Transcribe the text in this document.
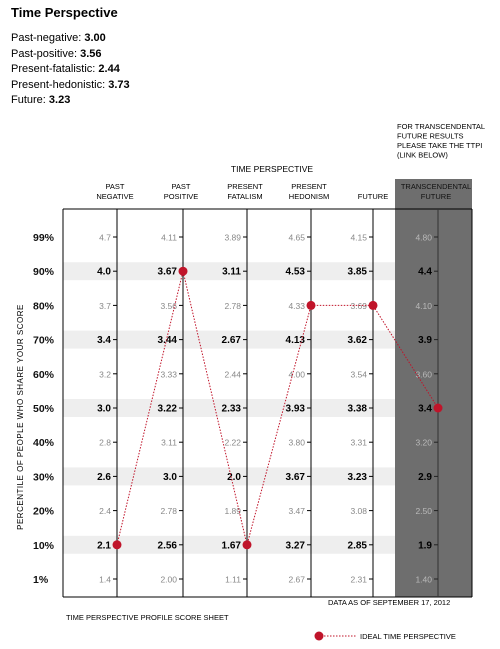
Time Perspective
Past-negative: 3.00
Past-positive: 3.56
Present-fatalistic: 2.44
Present-hedonistic: 3.73
Future: 3.23
TIME PERSPECTIVE
PAST
NEGATIVE
PAST
POSITIVE
PRESENT
FATALISM
PRESENT
HEDONISM	FUTURE
TRANSCENDENTAL
FUTURE
FOR TRANSCENDENTAL
FUTURE RESULTS
PLEASE TAKE THE TTPI
(LINK BELOW)
99%
90%
80%
70%
60%
50%
40%
30%
20%
10%
1%
PERCENTILE OF PEOPLE WHO SHARE YOUR SCORE
4.7
4.0
3.7
3.4
3.2
3.0
2.8
2.6
2.4
2.1
1.4
4.11
3.67
3.56
3.44
3.33
3.22
3.11
3.0
2.78
2.56
2.00
3.89
3.11
2.78
2.67
2.44
2.33
2.22
2.0
1.89
1.67
1.11
4.65
4.53
4.33
4.13
4.00
3.93
3.80
3.67
3.47
3.27
2.67
4.15
3.85
3.69
3.62
3.54
3.38
3.31
3.23
3.08
2.85
2.31
4.80
4.4
4.10
3.9
3.60
3.4
3.20
2.9
2.50
1.9
1.40
TIME PERSPECTIVE PROFILE SCORE SHEET
DATA AS OF SEPTEMBER 17, 2012
IDEAL TIME PERSPECTIVE
